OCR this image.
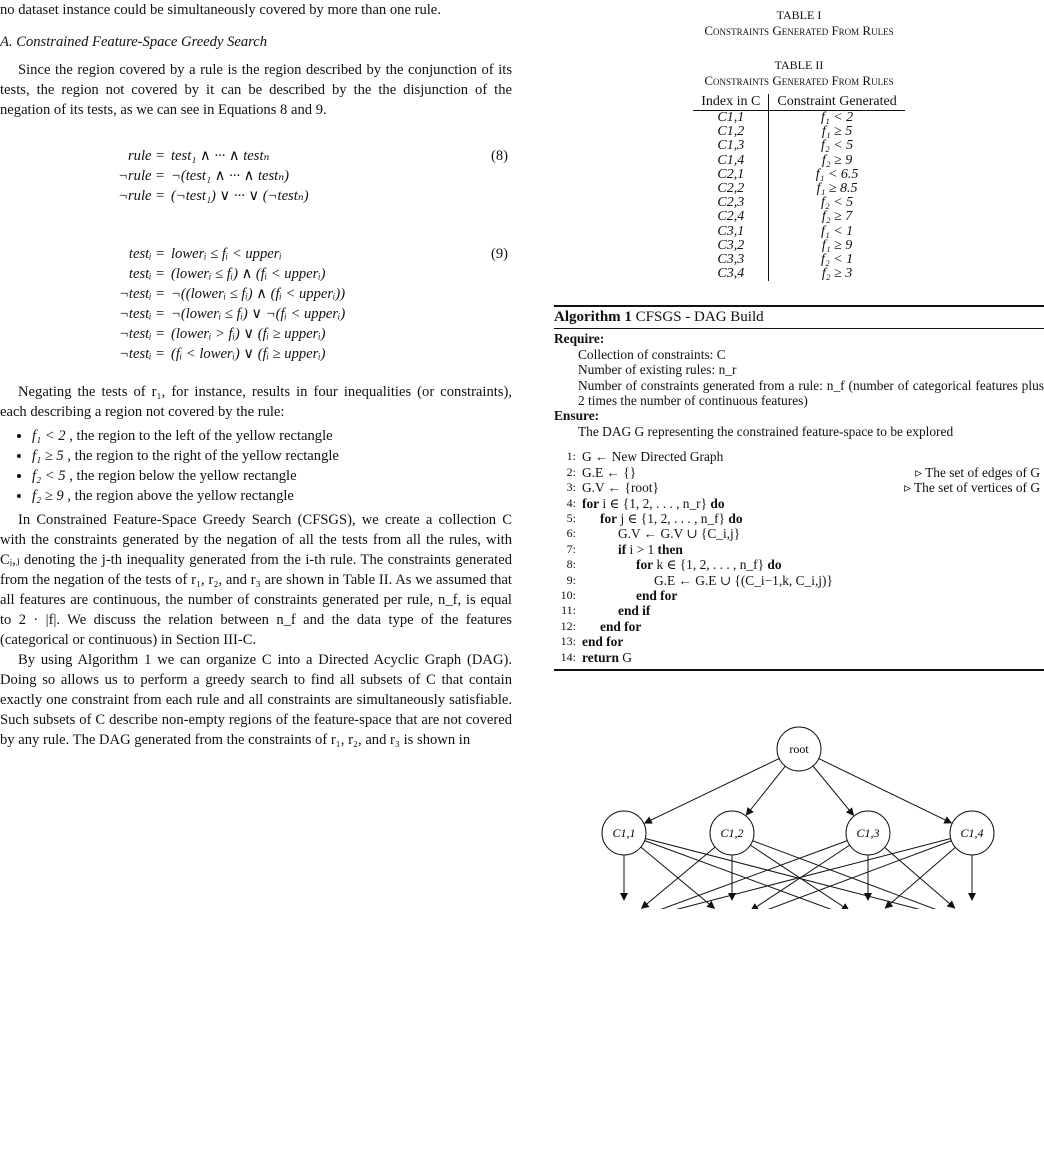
no dataset instance could be simultaneously covered by more than one rule.

A. Constrained Feature-Space Greedy Search

Since the region covered by a rule is the region described by the conjunction of its tests, the region not covered by it can be described by the the disjunction of the negation of its tests, as we can see in Equations 8 and 9.

(8)
rule = test₁ ∧ ··· ∧ testₙ
¬rule = ¬(test₁ ∧ ··· ∧ testₙ)
¬rule = (¬test₁) ∨ ··· ∨ (¬testₙ)
(9)
testᵢ = lowerᵢ ≤ fᵢ < upperᵢ
testᵢ = (lowerᵢ ≤ fᵢ) ∧ (fᵢ < upperᵢ)
¬testᵢ = ¬((lowerᵢ ≤ fᵢ) ∧ (fᵢ < upperᵢ))
¬testᵢ = ¬(lowerᵢ ≤ fᵢ) ∨ ¬(fᵢ < upperᵢ)
¬testᵢ = (lowerᵢ > fᵢ) ∨ (fᵢ ≥ upperᵢ)
¬testᵢ = (fᵢ < lowerᵢ) ∨ (fᵢ ≥ upperᵢ)

Negating the tests of r₁, for instance, results in four inequalities (or constraints), each describing a region not covered by the rule:

• f₁ < 2 , the region to the left of the yellow rectangle
• f₁ ≥ 5 , the region to the right of the yellow rectangle
• f₂ < 5 , the region below the yellow rectangle
• f₂ ≥ 9 , the region above the yellow rectangle

In Constrained Feature-Space Greedy Search (CFSGS), we create a collection C with the constraints generated by the negation of all the tests from all the rules, with Cᵢ,ⱼ denoting the j-th inequality generated from the i-th rule. The constraints generated from the negation of the tests of r₁, r₂, and r₃ are shown in Table II. As we assumed that all features are continuous, the number of constraints generated per rule, n_f, is equal to 2 · |f|. We discuss the relation between n_f and the data type of the features (categorical or continuous) in Section III-C.

By using Algorithm 1 we can organize C into a Directed Acyclic Graph (DAG). Doing so allows us to perform a greedy search to find all subsets of C that contain exactly one constraint from each rule and all constraints are simultaneously satisfiable. Such subsets of C describe non-empty regions of the feature-space that are not covered by any rule. The DAG generated from the constraints of r₁, r₂, and r₃ is shown in

TABLE I
Constraints Generated From Rules
TABLE II
Constraints Generated From Rules
Index in C	Constraint Generated
C1,1	f₁ < 2
C1,2	f₁ ≥ 5
C1,3	f₂ < 5
C1,4	f₂ ≥ 9
C2,1	f₁ < 6.5
C2,2	f₁ ≥ 8.5
C2,3	f₂ < 5
C2,4	f₂ ≥ 7
C3,1	f₁ < 1
C3,2	f₁ ≥ 9
C3,3	f₂ < 1
C3,4	f₂ ≥ 3
Algorithm 1 CFSGS - DAG Build
Require:
Collection of constraints: C
Number of existing rules: n_r
Number of constraints generated from a rule: n_f (number of categorical features plus 2 times the number of continuous features)
Ensure:
The DAG G representing the constrained feature-space to be explored
1: G ← New Directed Graph
2: G.E ← {}	▹ The set of edges of G
3: G.V ← {root}	▹ The set of vertices of G
4: for i ∈ {1, 2, . . . , n_r} do
5:	for j ∈ {1, 2, . . . , n_f} do
6:	G.V ← G.V ∪ {C_i,j}
7:	if i > 1 then
8:	for k ∈ {1, 2, . . . , n_f} do
9:	G.E ← G.E ∪ {(C_i−1,k, C_i,j)}
10:	end for
11:	end if
12:	end for
13: end for
14: return G
root
C1,1	C1,2	C1,3	C1,4
